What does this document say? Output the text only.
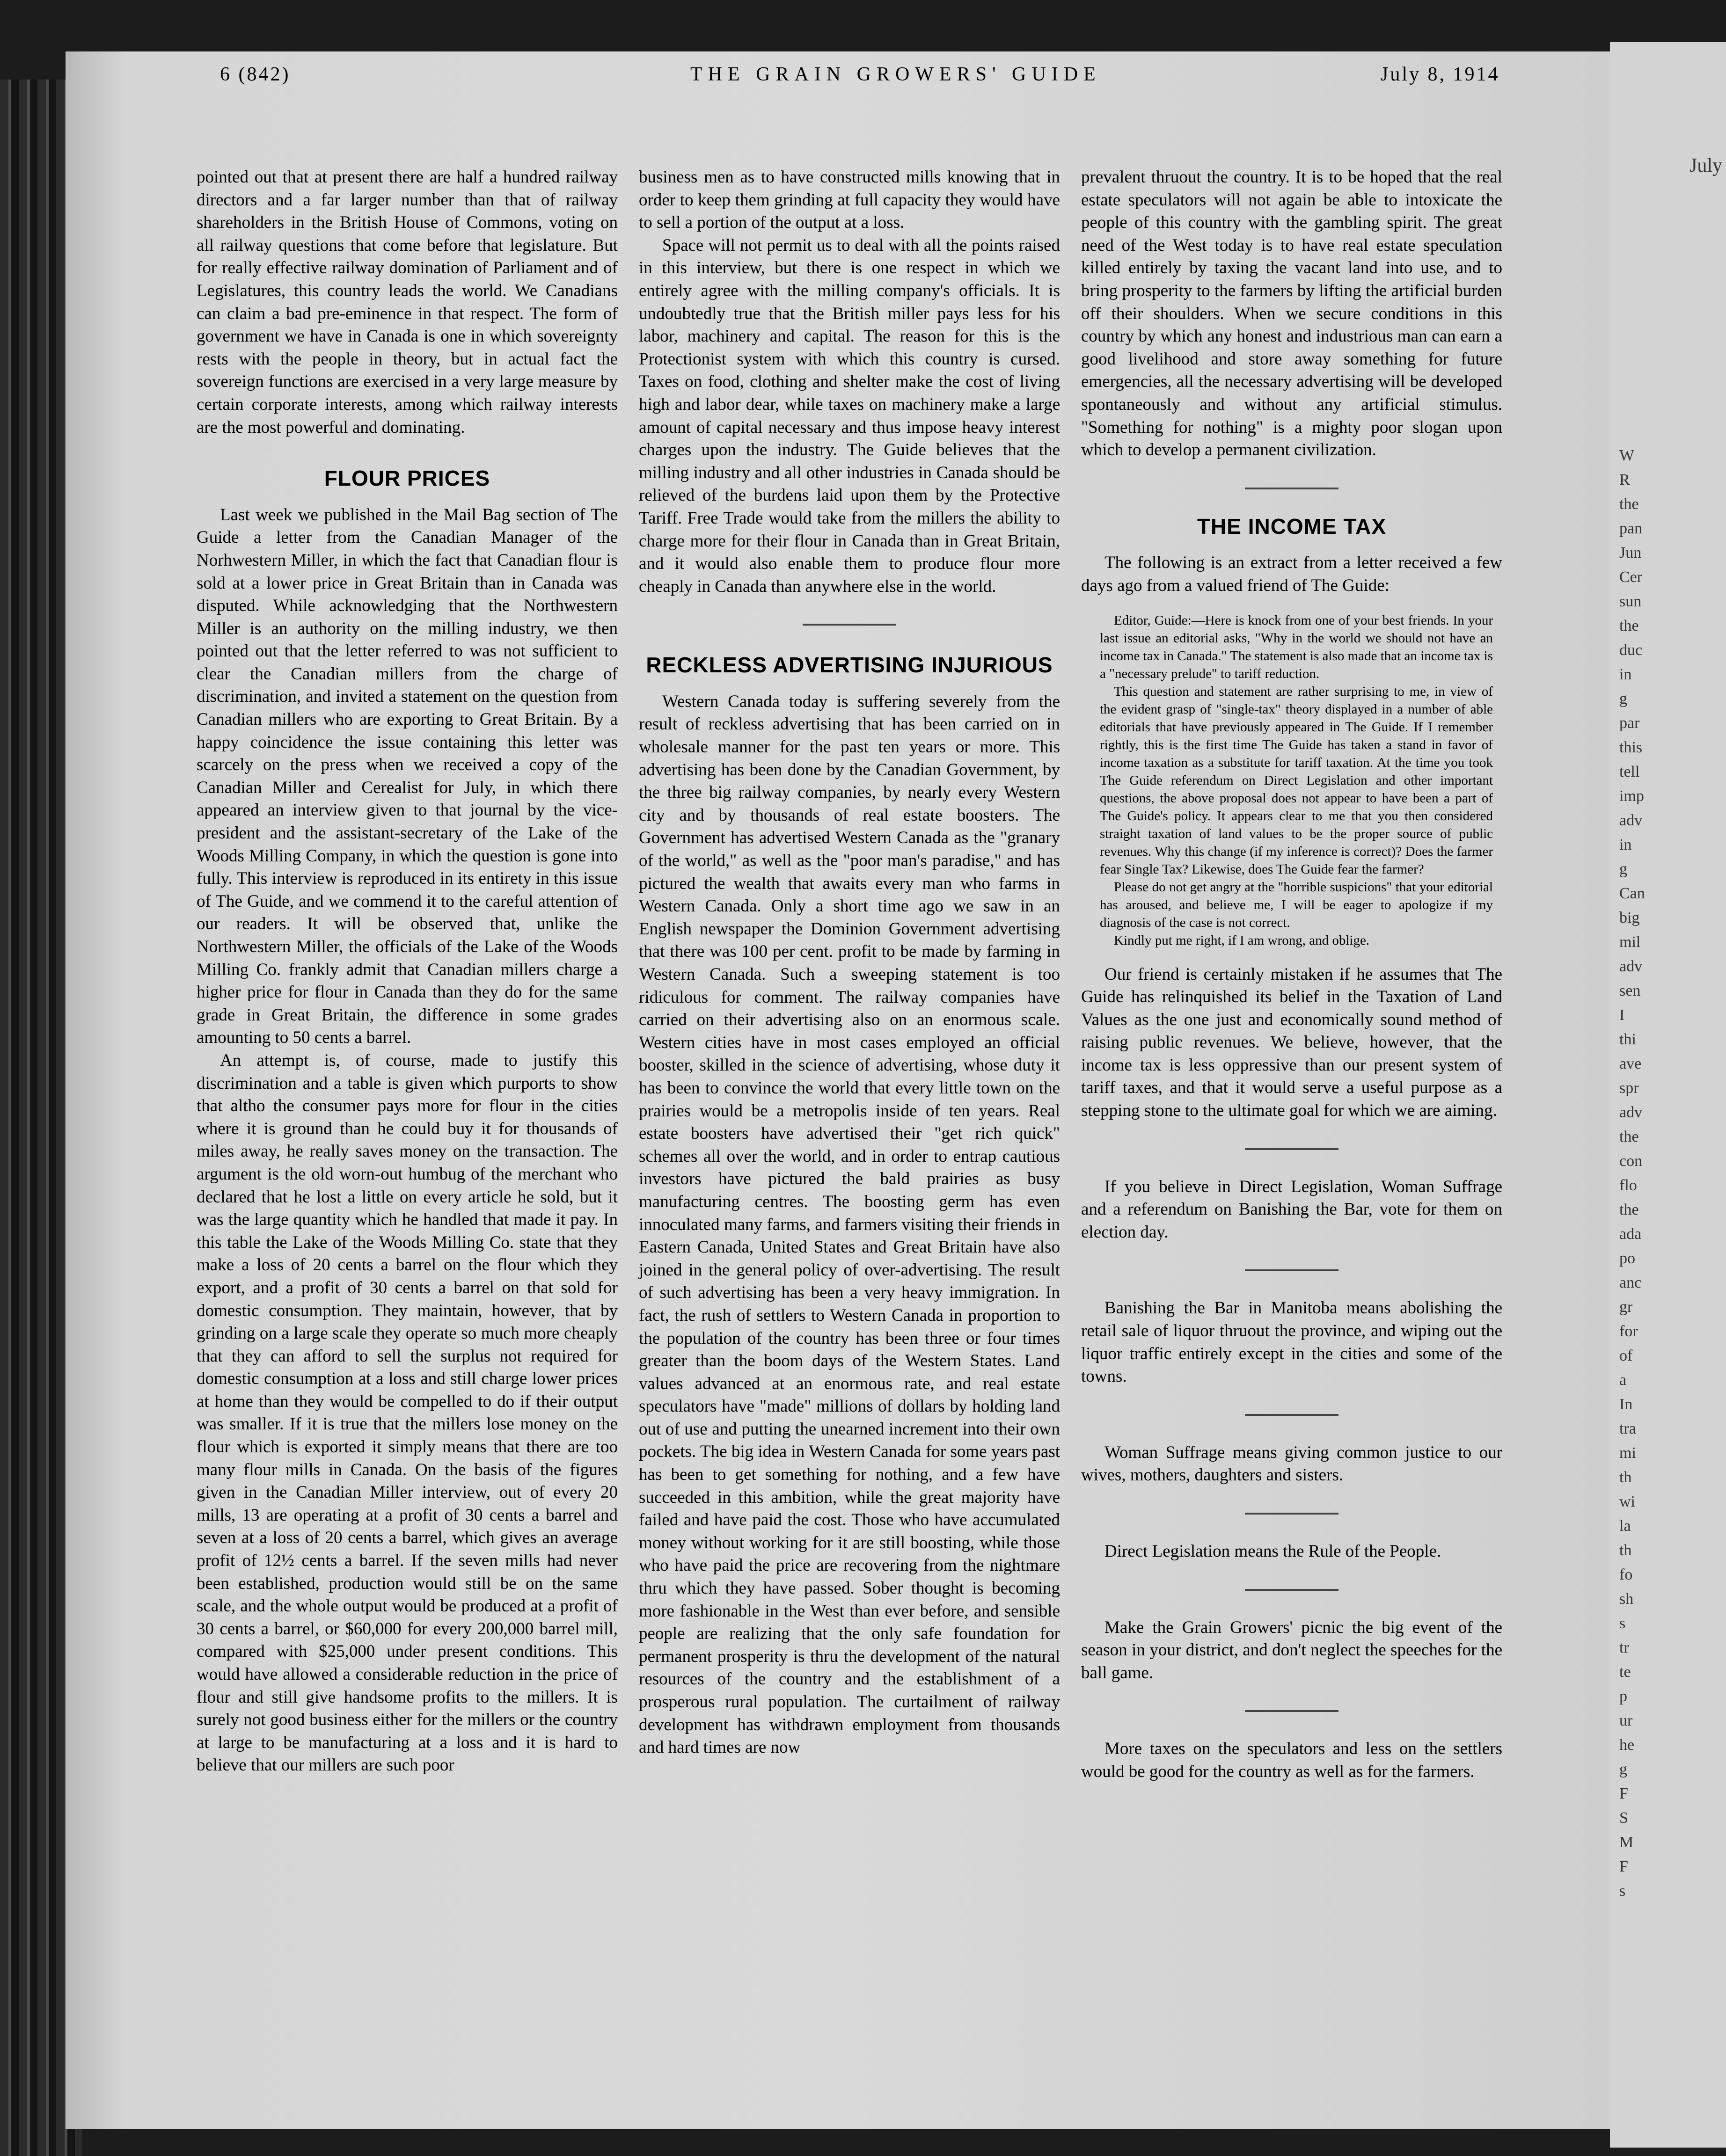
6 (842)	THE GRAIN GROWERS' GUIDE	July 8, 1914

pointed out that at present there are half a hundred railway directors and a far larger number than that of railway shareholders in the British House of Commons, voting on all railway questions that come before that legislature. But for really effective railway domination of Parliament and of Legislatures, this country leads the world. We Canadians can claim a bad pre-eminence in that respect. The form of government we have in Canada is one in which sovereignty rests with the people in theory, but in actual fact the sovereign functions are exercised in a very large measure by certain corporate interests, among which railway interests are the most powerful and dominating.

FLOUR PRICES

Last week we published in the Mail Bag section of The Guide a letter from the Canadian Manager of the Norhwestern Miller, in which the fact that Canadian flour is sold at a lower price in Great Britain than in Canada was disputed. While acknowledging that the Northwestern Miller is an authority on the milling industry, we then pointed out that the letter referred to was not sufficient to clear the Canadian millers from the charge of discrimination, and invited a statement on the question from Canadian millers who are exporting to Great Britain. By a happy coincidence the issue containing this letter was scarcely on the press when we received a copy of the Canadian Miller and Cerealist for July, in which there appeared an interview given to that journal by the vice-president and the assistant-secretary of the Lake of the Woods Milling Company, in which the question is gone into fully. This interview is reproduced in its entirety in this issue of The Guide, and we commend it to the careful attention of our readers. It will be observed that, unlike the Northwestern Miller, the officials of the Lake of the Woods Milling Co. frankly admit that Canadian millers charge a higher price for flour in Canada than they do for the same grade in Great Britain, the difference in some grades amounting to 50 cents a barrel.

An attempt is, of course, made to justify this discrimination and a table is given which purports to show that altho the consumer pays more for flour in the cities where it is ground than he could buy it for thousands of miles away, he really saves money on the transaction. The argument is the old worn-out humbug of the merchant who declared that he lost a little on every article he sold, but it was the large quantity which he handled that made it pay. In this table the Lake of the Woods Milling Co. state that they make a loss of 20 cents a barrel on the flour which they export, and a profit of 30 cents a barrel on that sold for domestic consumption. They maintain, however, that by grinding on a large scale they operate so much more cheaply that they can afford to sell the surplus not required for domestic consumption at a loss and still charge lower prices at home than they would be compelled to do if their output was smaller. If it is true that the millers lose money on the flour which is exported it simply means that there are too many flour mills in Canada. On the basis of the figures given in the Canadian Miller interview, out of every 20 mills, 13 are operating at a profit of 30 cents a barrel and seven at a loss of 20 cents a barrel, which gives an average profit of 12½ cents a barrel. If the seven mills had never been established, production would still be on the same scale, and the whole output would be produced at a profit of 30 cents a barrel, or $60,000 for every 200,000 barrel mill, compared with $25,000 under present conditions. This would have allowed a considerable reduction in the price of flour and still give handsome profits to the millers. It is surely not good business either for the millers or the country at large to be manufacturing at a loss and it is hard to believe that our millers are such poor

business men as to have constructed mills knowing that in order to keep them grinding at full capacity they would have to sell a portion of the output at a loss.

Space will not permit us to deal with all the points raised in this interview, but there is one respect in which we entirely agree with the milling company's officials. It is undoubtedly true that the British miller pays less for his labor, machinery and capital. The reason for this is the Protectionist system with which this country is cursed. Taxes on food, clothing and shelter make the cost of living high and labor dear, while taxes on machinery make a large amount of capital necessary and thus impose heavy interest charges upon the industry. The Guide believes that the milling industry and all other industries in Canada should be relieved of the burdens laid upon them by the Protective Tariff. Free Trade would take from the millers the ability to charge more for their flour in Canada than in Great Britain, and it would also enable them to produce flour more cheaply in Canada than anywhere else in the world.

RECKLESS ADVERTISING INJURIOUS

Western Canada today is suffering severely from the result of reckless advertising that has been carried on in wholesale manner for the past ten years or more. This advertising has been done by the Canadian Government, by the three big railway companies, by nearly every Western city and by thousands of real estate boosters. The Government has advertised Western Canada as the "granary of the world," as well as the "poor man's paradise," and has pictured the wealth that awaits every man who farms in Western Canada. Only a short time ago we saw in an English newspaper the Dominion Government advertising that there was 100 per cent. profit to be made by farming in Western Canada. Such a sweeping statement is too ridiculous for comment. The railway companies have carried on their advertising also on an enormous scale. Western cities have in most cases employed an official booster, skilled in the science of advertising, whose duty it has been to convince the world that every little town on the prairies would be a metropolis inside of ten years. Real estate boosters have advertised their "get rich quick" schemes all over the world, and in order to entrap cautious investors have pictured the bald prairies as busy manufacturing centres. The boosting germ has even innoculated many farms, and farmers visiting their friends in Eastern Canada, United States and Great Britain have also joined in the general policy of over-advertising. The result of such advertising has been a very heavy immigration. In fact, the rush of settlers to Western Canada in proportion to the population of the country has been three or four times greater than the boom days of the Western States. Land values advanced at an enormous rate, and real estate speculators have "made" millions of dollars by holding land out of use and putting the unearned increment into their own pockets. The big idea in Western Canada for some years past has been to get something for nothing, and a few have succeeded in this ambition, while the great majority have failed and have paid the cost. Those who have accumulated money without working for it are still boosting, while those who have paid the price are recovering from the nightmare thru which they have passed. Sober thought is becoming more fashionable in the West than ever before, and sensible people are realizing that the only safe foundation for permanent prosperity is thru the development of the natural resources of the country and the establishment of a prosperous rural population. The curtailment of railway development has withdrawn employment from thousands and hard times are now

prevalent thruout the country. It is to be hoped that the real estate speculators will not again be able to intoxicate the people of this country with the gambling spirit. The great need of the West today is to have real estate speculation killed entirely by taxing the vacant land into use, and to bring prosperity to the farmers by lifting the artificial burden off their shoulders. When we secure conditions in this country by which any honest and industrious man can earn a good livelihood and store away something for future emergencies, all the necessary advertising will be developed spontaneously and without any artificial stimulus. "Something for nothing" is a mighty poor slogan upon which to develop a permanent civilization.

THE INCOME TAX

The following is an extract from a letter received a few days ago from a valued friend of The Guide:

Editor, Guide:—Here is knock from one of your best friends. In your last issue an editorial asks, "Why in the world we should not have an income tax in Canada." The statement is also made that an income tax is a "necessary prelude" to tariff reduction.

This question and statement are rather surprising to me, in view of the evident grasp of "single-tax" theory displayed in a number of able editorials that have previously appeared in The Guide. If I remember rightly, this is the first time The Guide has taken a stand in favor of income taxation as a substitute for tariff taxation. At the time you took The Guide referendum on Direct Legislation and other important questions, the above proposal does not appear to have been a part of The Guide's policy. It appears clear to me that you then considered straight taxation of land values to be the proper source of public revenues. Why this change (if my inference is correct)? Does the farmer fear Single Tax? Likewise, does The Guide fear the farmer?

Please do not get angry at the "horrible suspicions" that your editorial has aroused, and believe me, I will be eager to apologize if my diagnosis of the case is not correct.

Kindly put me right, if I am wrong, and oblige.

Our friend is certainly mistaken if he assumes that The Guide has relinquished its belief in the Taxation of Land Values as the one just and economically sound method of raising public revenues. We believe, however, that the income tax is less oppressive than our present system of tariff taxes, and that it would serve a useful purpose as a stepping stone to the ultimate goal for which we are aiming.

If you believe in Direct Legislation, Woman Suffrage and a referendum on Banishing the Bar, vote for them on election day.

Banishing the Bar in Manitoba means abolishing the retail sale of liquor thruout the province, and wiping out the liquor traffic entirely except in the cities and some of the towns.

Woman Suffrage means giving common justice to our wives, mothers, daughters and sisters.

Direct Legislation means the Rule of the People.

Make the Grain Growers' picnic the big event of the season in your district, and don't neglect the speeches for the ball game.

More taxes on the speculators and less on the settlers would be good for the country as well as for the farmers.

July
W
R
the
pan
Jun
Cer
sun
the
duc
in
g
par
this
tell
imp
adv
in
g
Can
big
mil
adv
sen
I
thi
ave
spr
adv
the
con
flo
the
ada
po
anc
gr
for
of
a
In
tra
mi
th
wi
la
th
fo
sh
s
tr
te
p
ur
he
g
F
S
M
F
s
